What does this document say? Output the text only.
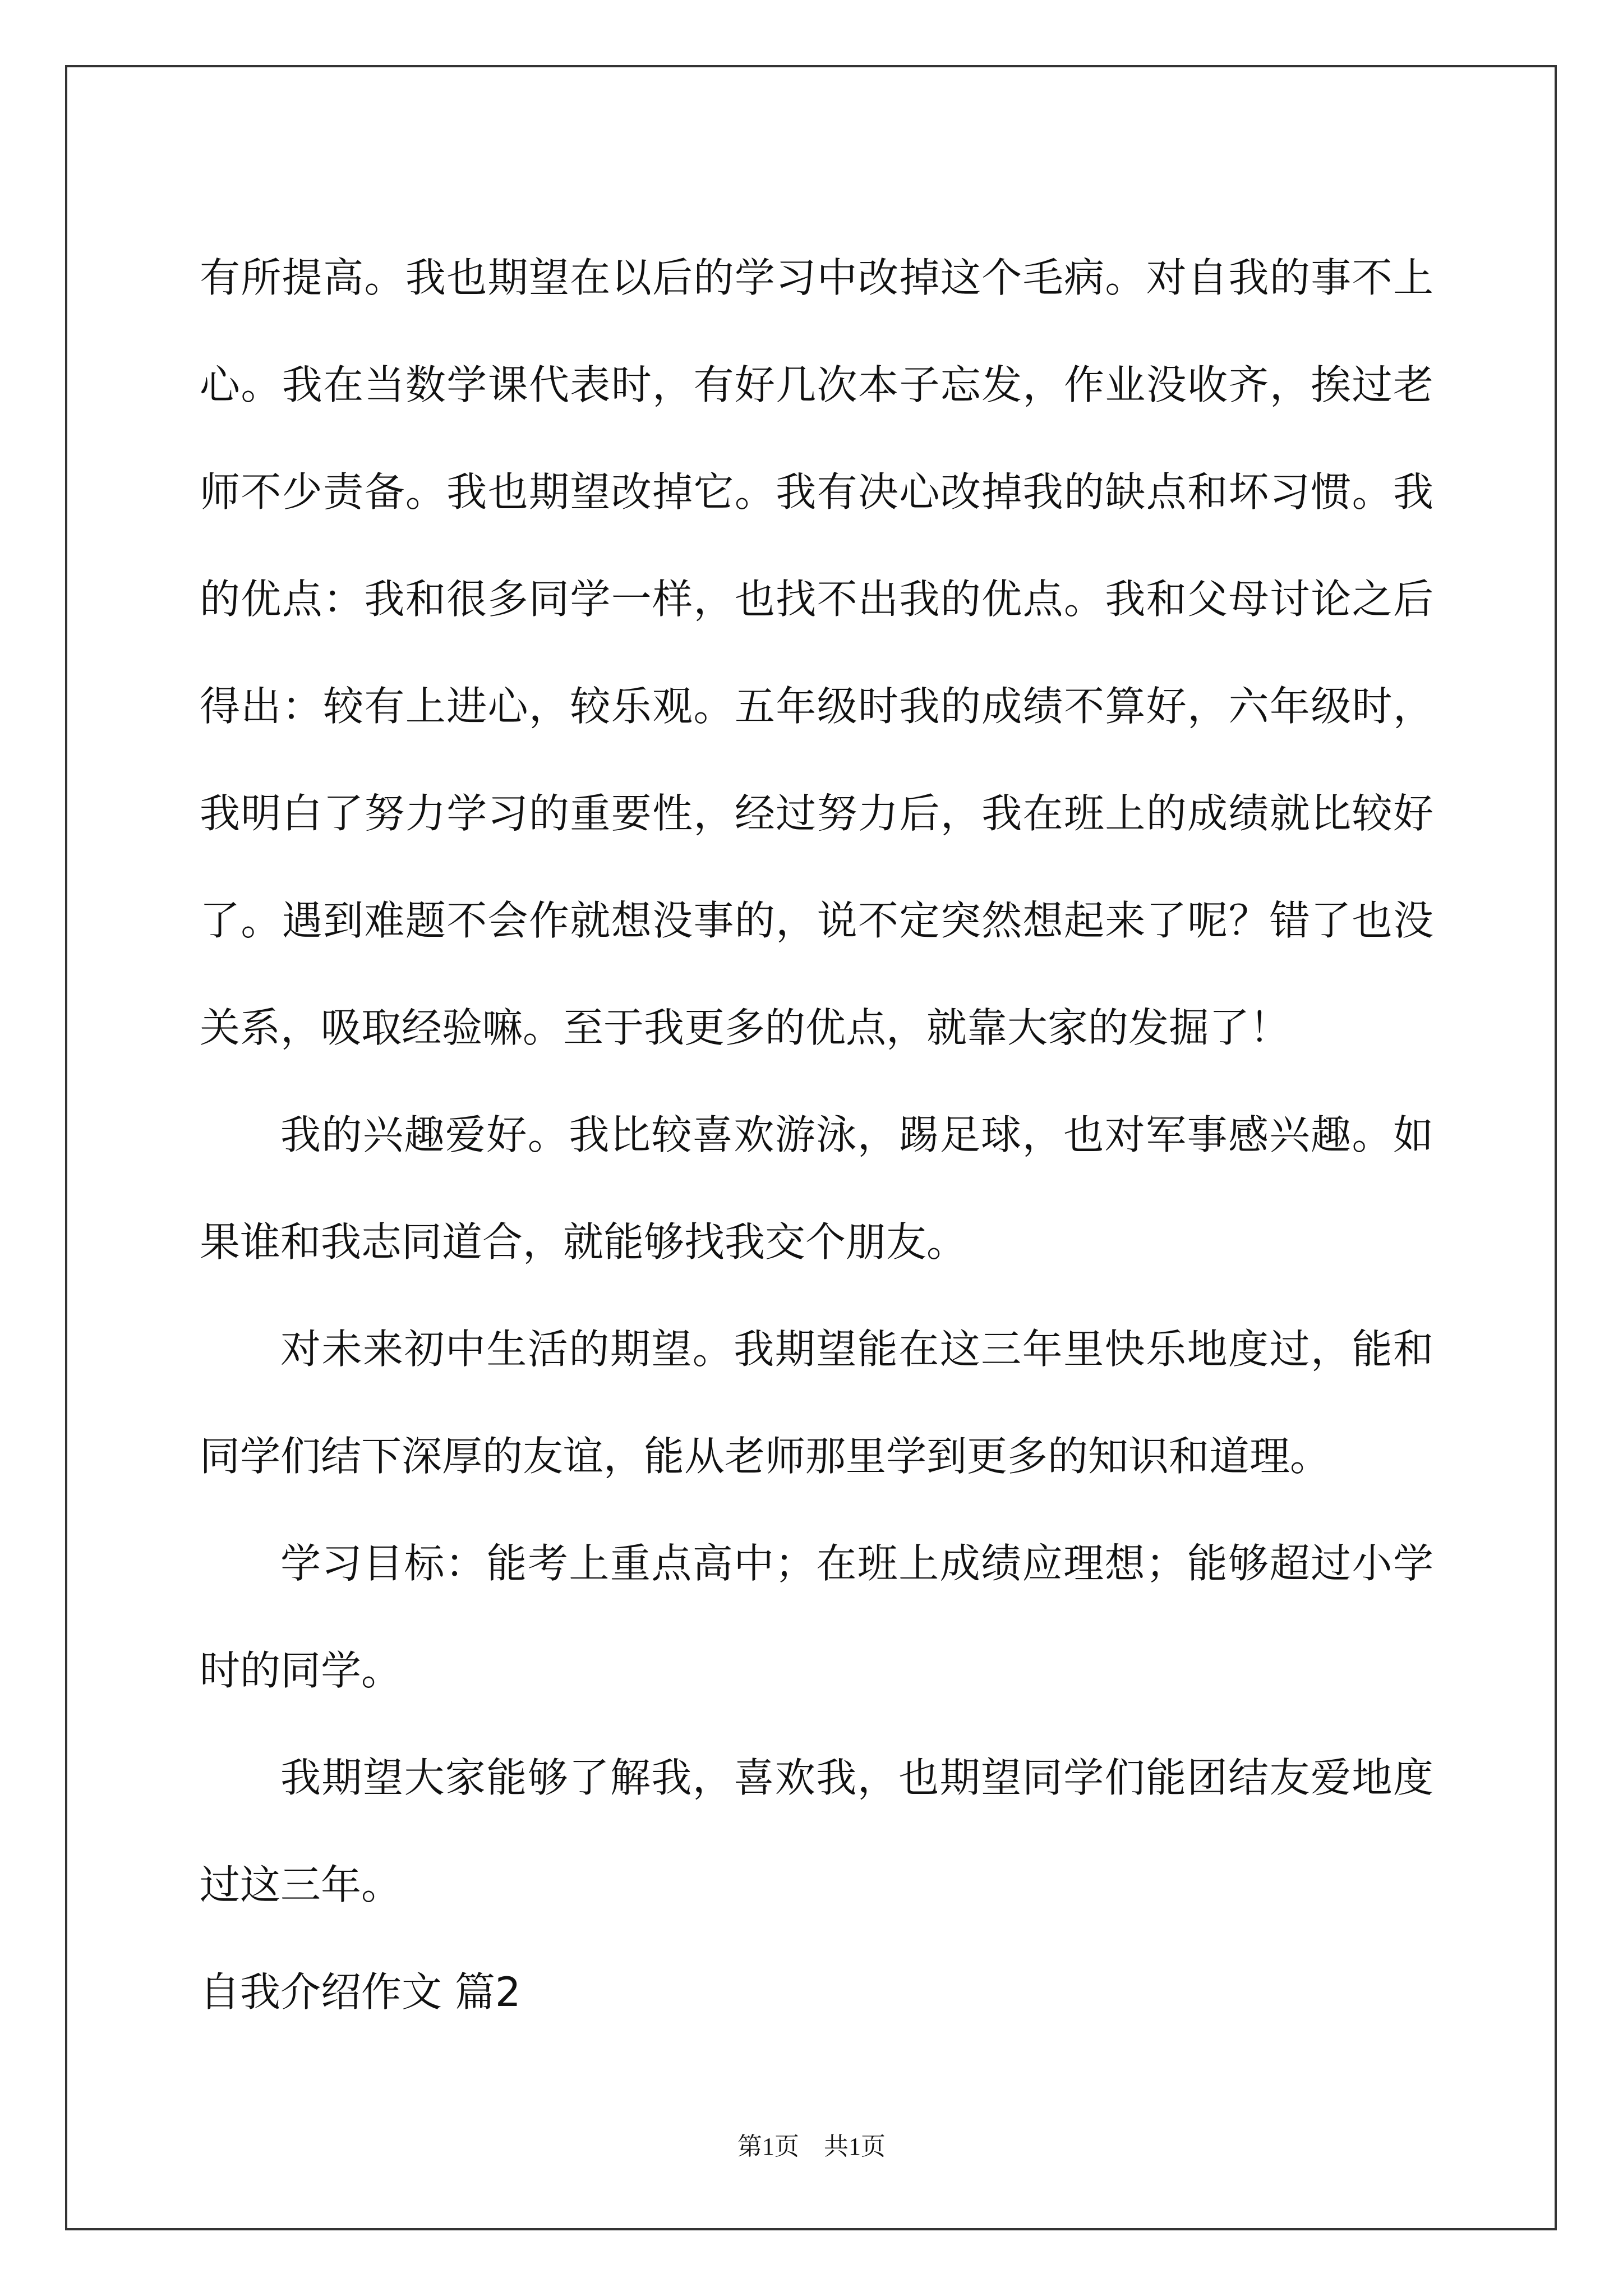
有所提高。我也期望在以后的学习中改掉这个毛病。对自我的事不上心。我在当数学课代表时，有好几次本子忘发，作业没收齐，挨过老师不少责备。我也期望改掉它。我有决心改掉我的缺点和坏习惯。我的优点：我和很多同学一样，也找不出我的优点。我和父母讨论之后得出：较有上进心，较乐观。五年级时我的成绩不算好，六年级时，我明白了努力学习的重要性，经过努力后，我在班上的成绩就比较好了。遇到难题不会作就想没事的，说不定突然想起来了呢？错了也没关系，吸取经验嘛。至于我更多的优点，就靠大家的发掘了！

我的兴趣爱好。我比较喜欢游泳，踢足球，也对军事感兴趣。如果谁和我志同道合，就能够找我交个朋友。

对未来初中生活的期望。我期望能在这三年里快乐地度过，能和同学们结下深厚的友谊，能从老师那里学到更多的知识和道理。

学习目标：能考上重点高中；在班上成绩应理想；能够超过小学时的同学。

我期望大家能够了解我，喜欢我，也期望同学们能团结友爱地度过这三年。

自我介绍作文 篇2
第1页　共1页
